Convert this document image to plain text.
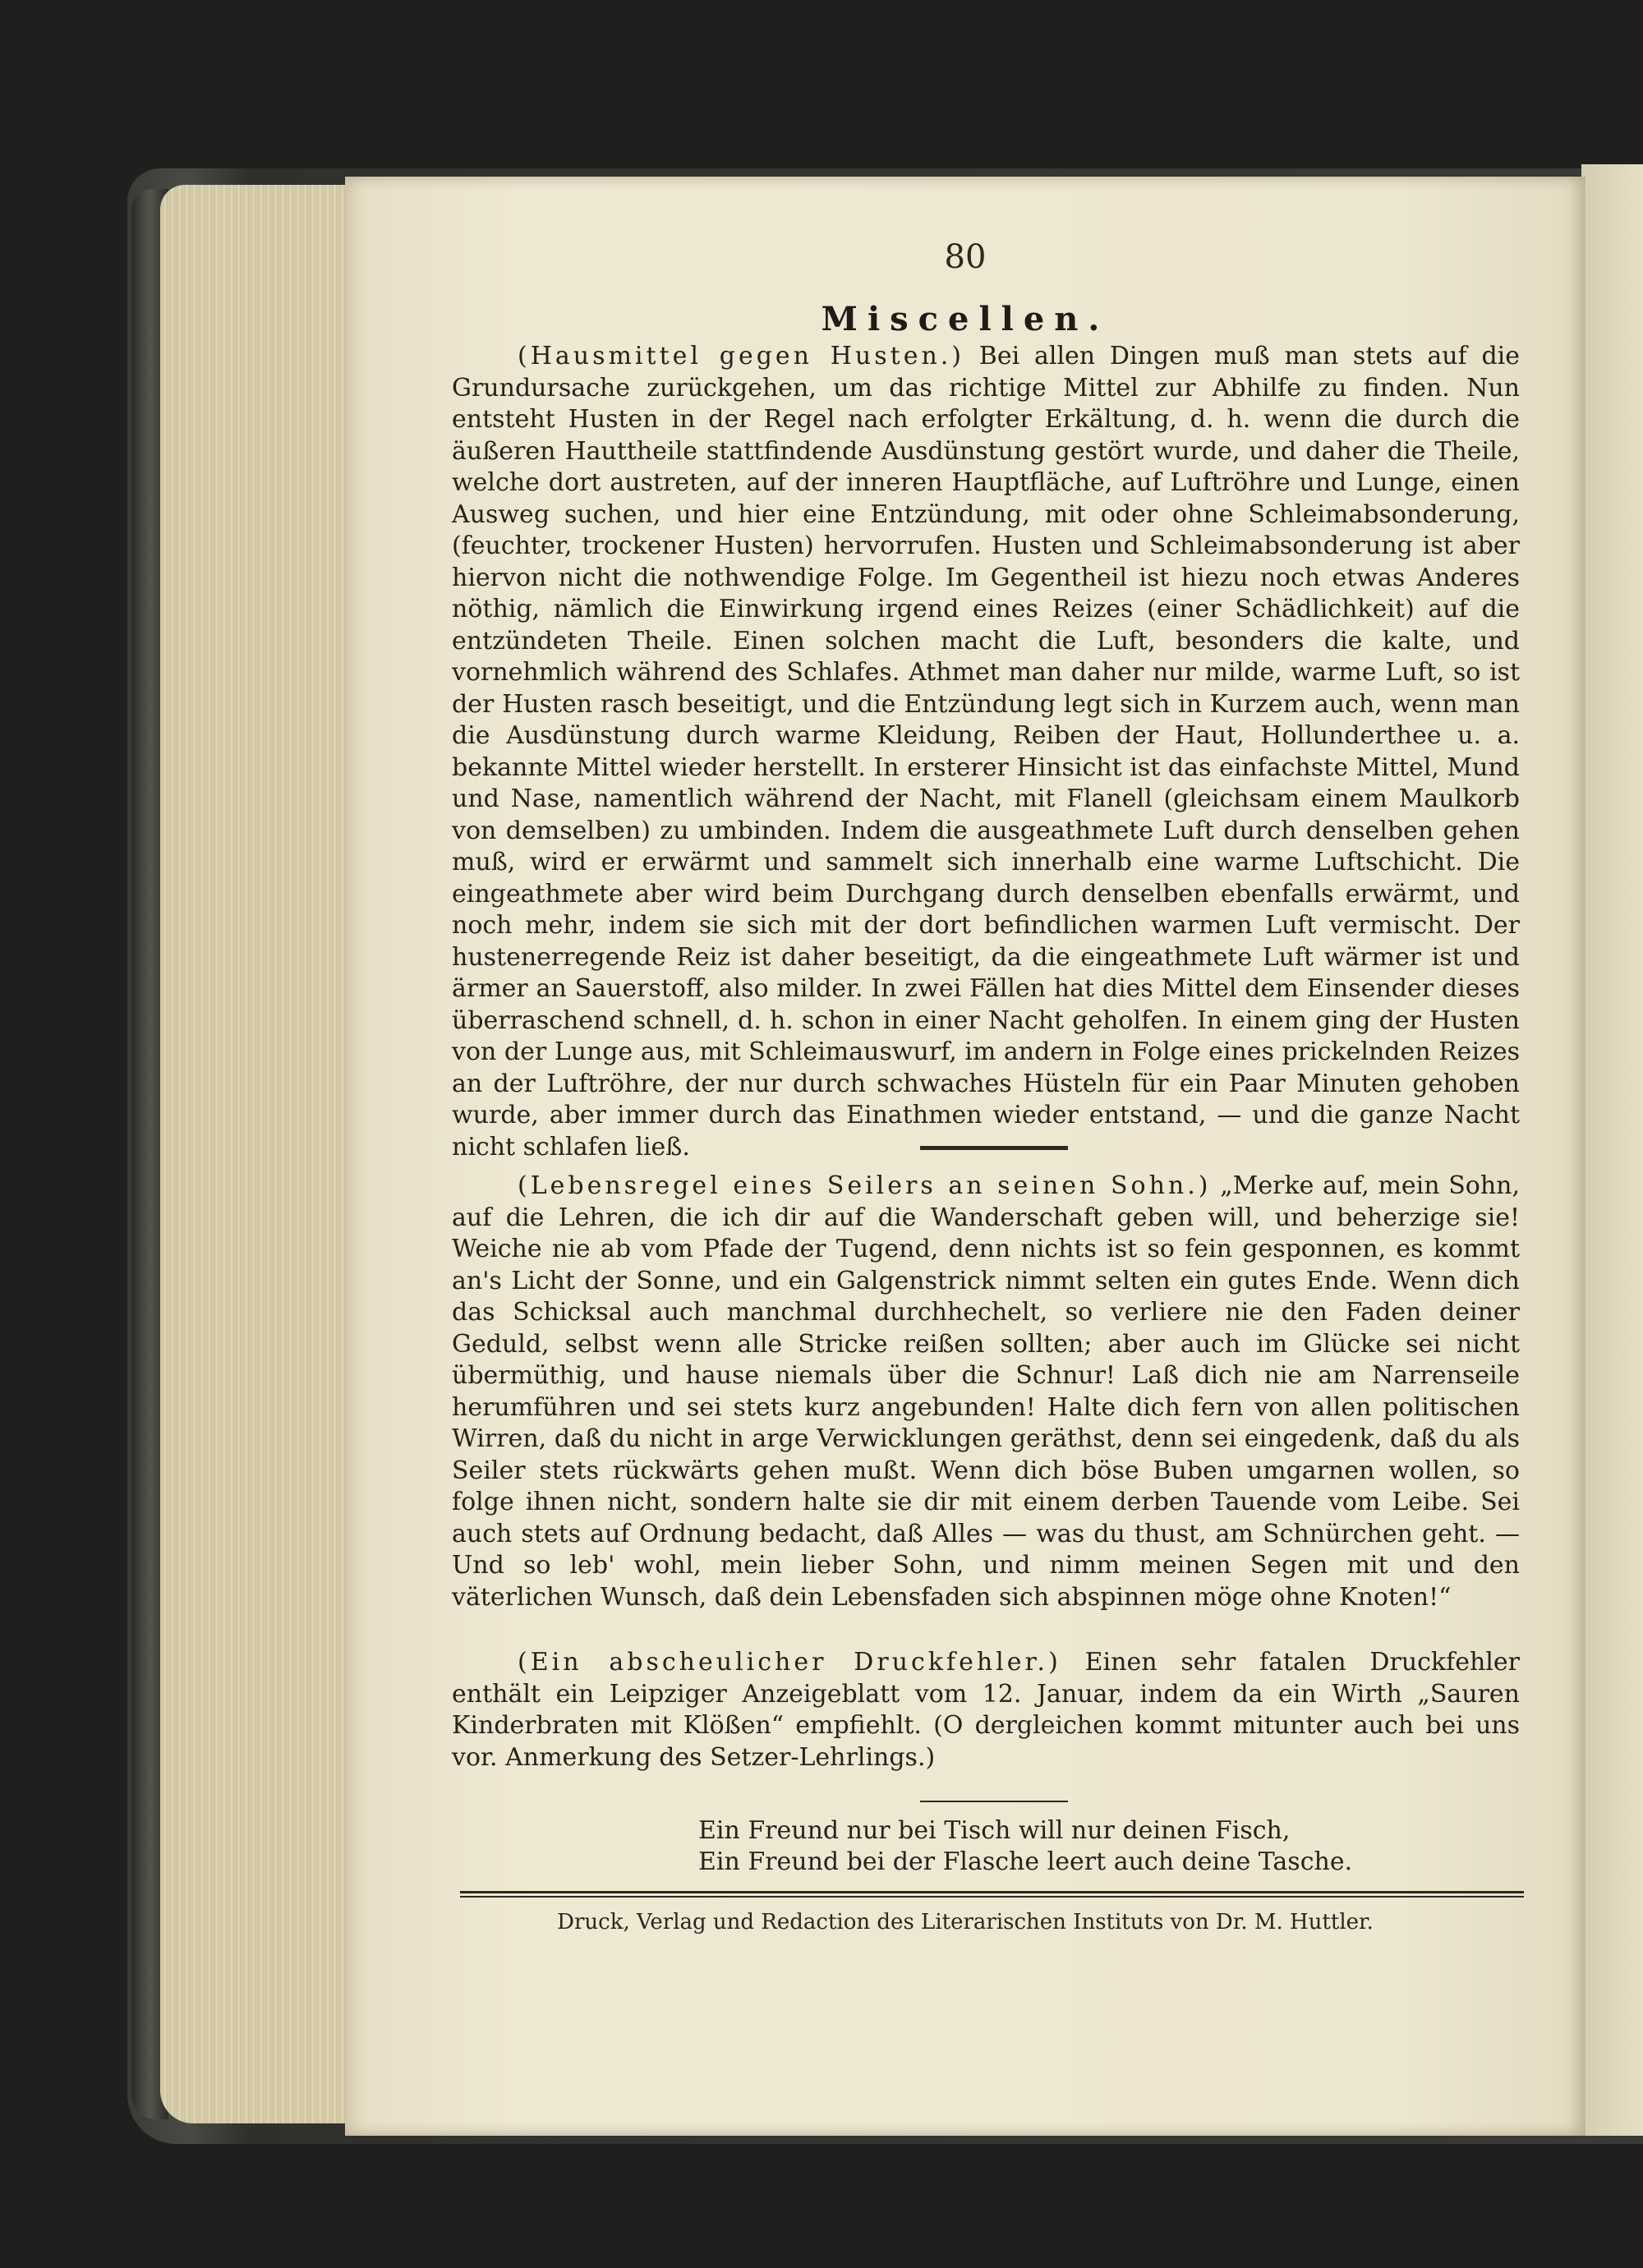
80
Miscellen.

(Hausmittel gegen Husten.) Bei allen Dingen muß man stets auf die Grundursache zurückgehen, um das richtige Mittel zur Abhilfe zu finden. Nun entsteht Husten in der Regel nach erfolgter Erkältung, d. h. wenn die durch die äußeren Hauttheile stattfindende Ausdünstung gestört wurde, und daher die Theile, welche dort austreten, auf der inneren Hauptfläche, auf Luftröhre und Lunge, einen Ausweg suchen, und hier eine Entzündung, mit oder ohne Schleimabsonderung, (feuchter, trockener Husten) hervorrufen. Husten und Schleimabsonderung ist aber hiervon nicht die nothwendige Folge. Im Gegentheil ist hiezu noch etwas Anderes nöthig, nämlich die Einwirkung irgend eines Reizes (einer Schädlichkeit) auf die entzündeten Theile. Einen solchen macht die Luft, besonders die kalte, und vornehmlich während des Schlafes. Athmet man daher nur milde, warme Luft, so ist der Husten rasch beseitigt, und die Entzündung legt sich in Kurzem auch, wenn man die Ausdünstung durch warme Kleidung, Reiben der Haut, Hollunderthee u. a. bekannte Mittel wieder herstellt. In ersterer Hinsicht ist das einfachste Mittel, Mund und Nase, namentlich während der Nacht, mit Flanell (gleichsam einem Maulkorb von demselben) zu umbinden. Indem die ausgeathmete Luft durch denselben gehen muß, wird er erwärmt und sammelt sich innerhalb eine warme Luftschicht. Die eingeathmete aber wird beim Durchgang durch denselben ebenfalls erwärmt, und noch mehr, indem sie sich mit der dort befindlichen warmen Luft vermischt. Der hustenerregende Reiz ist daher beseitigt, da die eingeathmete Luft wärmer ist und ärmer an Sauerstoff, also milder. In zwei Fällen hat dies Mittel dem Einsender dieses überraschend schnell, d. h. schon in einer Nacht geholfen. In einem ging der Husten von der Lunge aus, mit Schleimauswurf, im andern in Folge eines prickelnden Reizes an der Luftröhre, der nur durch schwaches Hüsteln für ein Paar Minuten gehoben wurde, aber immer durch das Einathmen wieder entstand, — und die ganze Nacht nicht schlafen ließ.

(Lebensregel eines Seilers an seinen Sohn.) „Merke auf, mein Sohn, auf die Lehren, die ich dir auf die Wanderschaft geben will, und beherzige sie! Weiche nie ab vom Pfade der Tugend, denn nichts ist so fein gesponnen, es kommt an's Licht der Sonne, und ein Galgenstrick nimmt selten ein gutes Ende. Wenn dich das Schicksal auch manchmal durchhechelt, so verliere nie den Faden deiner Geduld, selbst wenn alle Stricke reißen sollten; aber auch im Glücke sei nicht übermüthig, und hause niemals über die Schnur! Laß dich nie am Narrenseile herumführen und sei stets kurz angebunden! Halte dich fern von allen politischen Wirren, daß du nicht in arge Verwicklungen geräthst, denn sei eingedenk, daß du als Seiler stets rückwärts gehen mußt. Wenn dich böse Buben umgarnen wollen, so folge ihnen nicht, sondern halte sie dir mit einem derben Tauende vom Leibe. Sei auch stets auf Ordnung bedacht, daß Alles — was du thust, am Schnürchen geht. — Und so leb' wohl, mein lieber Sohn, und nimm meinen Segen mit und den väterlichen Wunsch, daß dein Lebensfaden sich abspinnen möge ohne Knoten!“

(Ein abscheulicher Druckfehler.) Einen sehr fatalen Druckfehler enthält ein Leipziger Anzeigeblatt vom 12. Januar, indem da ein Wirth „Sauren Kinderbraten mit Klößen“ empfiehlt. (O dergleichen kommt mitunter auch bei uns vor. Anmerkung des Setzer-Lehrlings.)

Ein Freund nur bei Tisch will nur deinen Fisch,
Ein Freund bei der Flasche leert auch deine Tasche.
Druck, Verlag und Redaction des Literarischen Instituts von Dr. M. Huttler.
